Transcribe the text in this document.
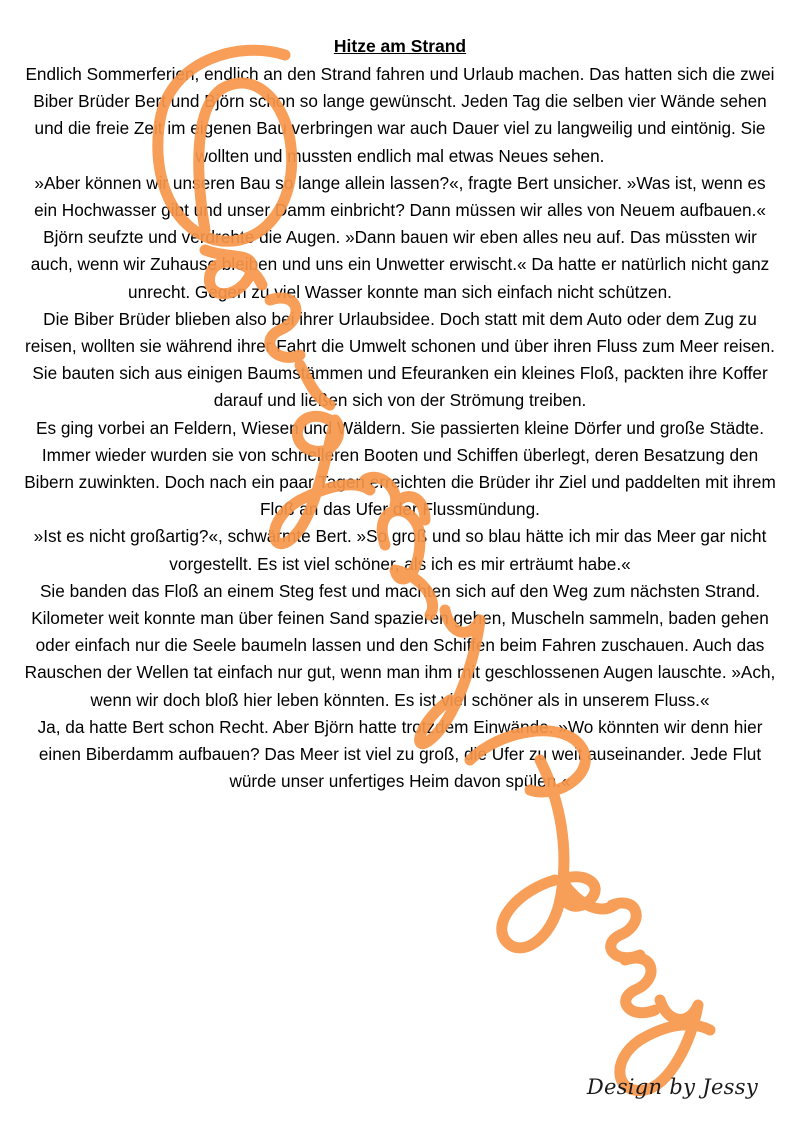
Hitze am Strand

Endlich Sommerferien, endlich an den Strand fahren und Urlaub machen. Das hatten sich die zwei Biber Brüder Bert und Björn schon so lange gewünscht. Jeden Tag die selben vier Wände sehen und die freie Zeit im eigenen Bau verbringen war auch Dauer viel zu langweilig und eintönig. Sie wollten und mussten endlich mal etwas Neues sehen.

»Aber können wir unseren Bau so lange allein lassen?«, fragte Bert unsicher. »Was ist, wenn es ein Hochwasser gibt und unser Damm einbricht? Dann müssen wir alles von Neuem aufbauen.«

Björn seufzte und verdrehte die Augen. »Dann bauen wir eben alles neu auf. Das müssten wir auch, wenn wir Zuhause bleiben und uns ein Unwetter erwischt.« Da hatte er natürlich nicht ganz unrecht. Gegen zu viel Wasser konnte man sich einfach nicht schützen.

Die Biber Brüder blieben also bei ihrer Urlaubsidee. Doch statt mit dem Auto oder dem Zug zu reisen, wollten sie während ihrer Fahrt die Umwelt schonen und über ihren Fluss zum Meer reisen. Sie bauten sich aus einigen Baumstämmen und Efeuranken ein kleines Floß, packten ihre Koffer darauf und ließen sich von der Strömung treiben.

Es ging vorbei an Feldern, Wiesen und Wäldern. Sie passierten kleine Dörfer und große Städte. Immer wieder wurden sie von schnelleren Booten und Schiffen überlegt, deren Besatzung den Bibern zuwinkten. Doch nach ein paar Tagen erreichten die Brüder ihr Ziel und paddelten mit ihrem Floß an das Ufer der Flussmündung.

»Ist es nicht großartig?«, schwärmte Bert. »So groß und so blau hätte ich mir das Meer gar nicht vorgestellt. Es ist viel schöner, als ich es mir erträumt habe.«

Sie banden das Floß an einem Steg fest und machten sich auf den Weg zum nächsten Strand. Kilometer weit konnte man über feinen Sand spazieren gehen, Muscheln sammeln, baden gehen oder einfach nur die Seele baumeln lassen und den Schiffen beim Fahren zuschauen. Auch das Rauschen der Wellen tat einfach nur gut, wenn man ihm mit geschlossenen Augen lauschte. »Ach, wenn wir doch bloß hier leben könnten. Es ist viel schöner als in unserem Fluss.«

Ja, da hatte Bert schon Recht. Aber Björn hatte trotzdem Einwände. »Wo könnten wir denn hier einen Biberdamm aufbauen? Das Meer ist viel zu groß, die Ufer zu weit auseinander. Jede Flut würde unser unfertiges Heim davon spülen.«

Design by Jessy
